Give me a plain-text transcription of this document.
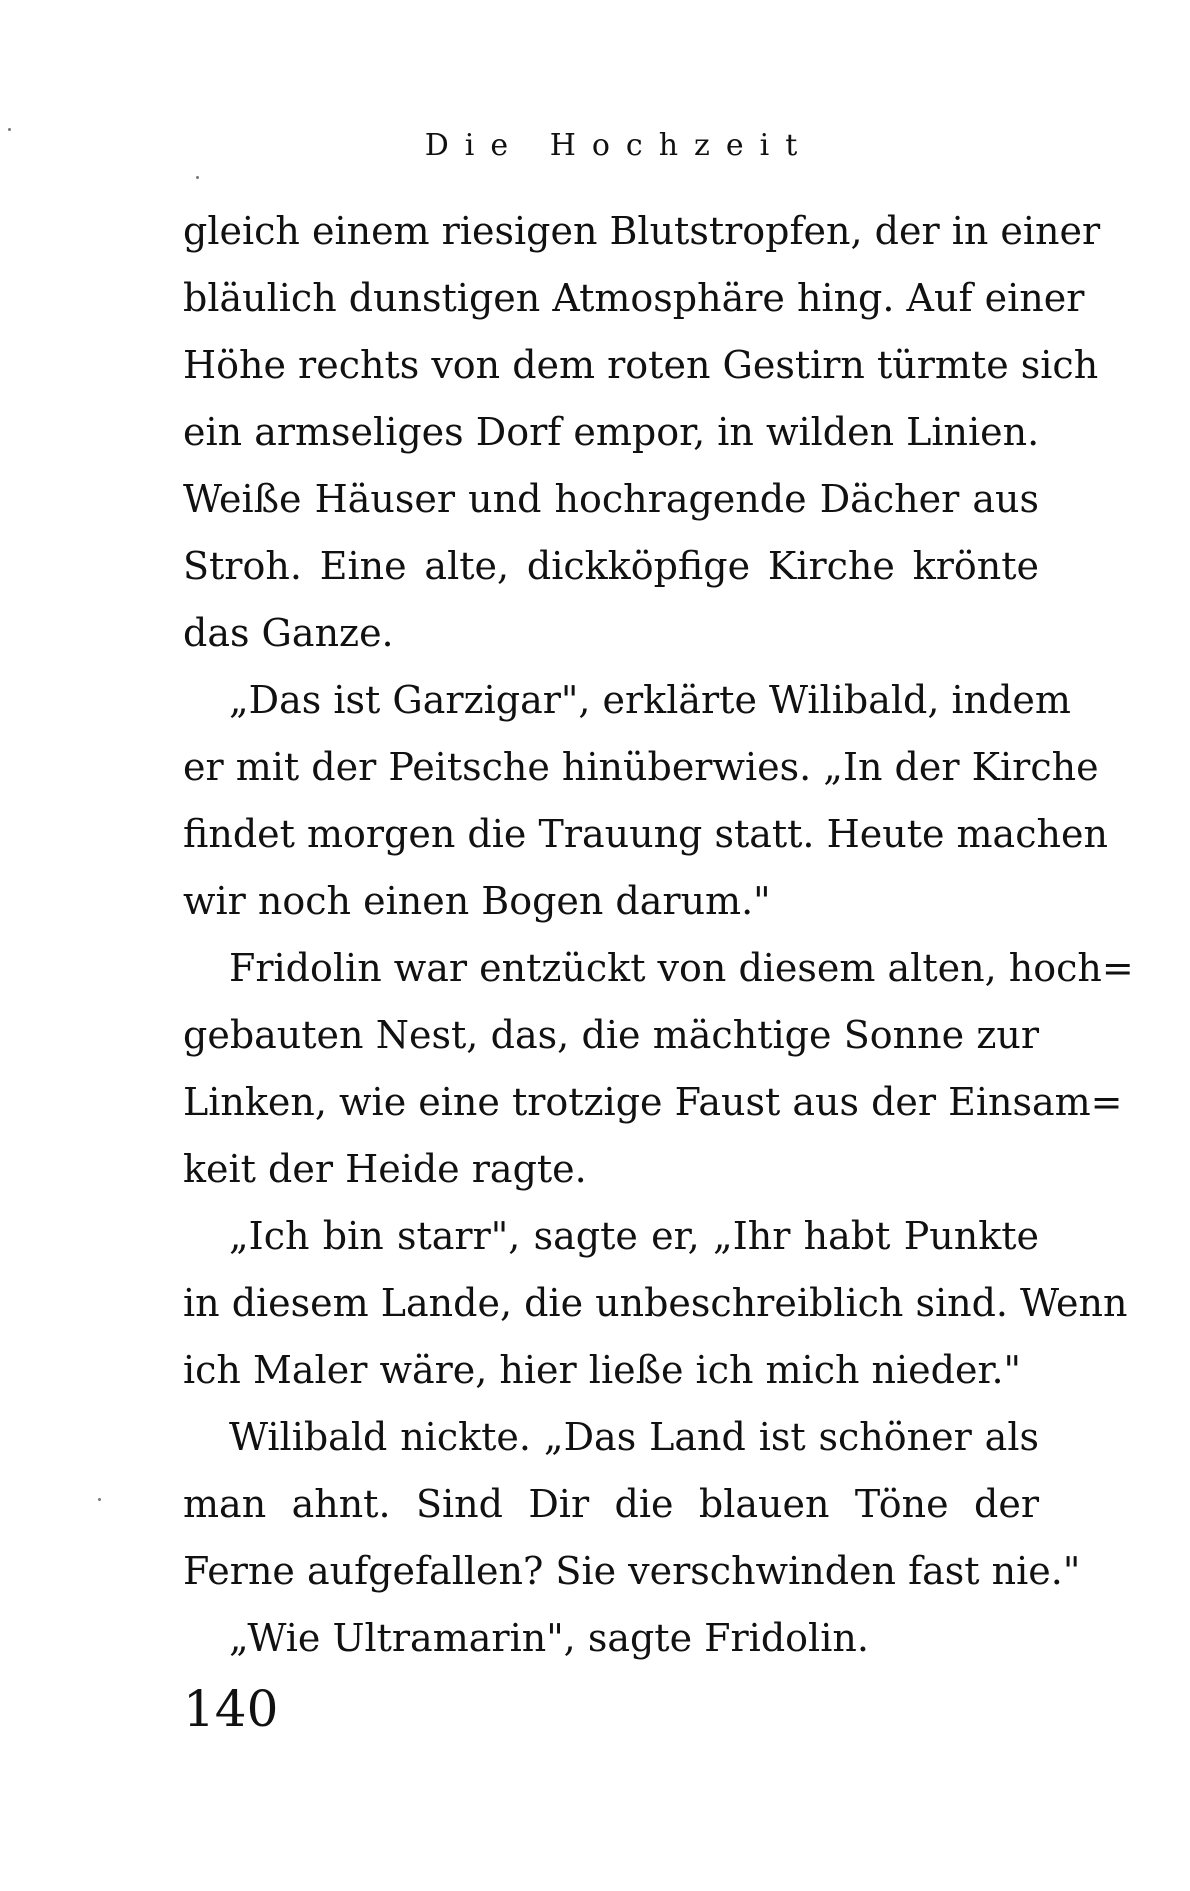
Die Hochzeit
gleich einem riesigen Blutstropfen, der in einer
bläulich dunstigen Atmosphäre hing. Auf einer
Höhe rechts von dem roten Gestirn türmte sich
ein armseliges Dorf empor, in wilden Linien.
Weiße Häuser und hochragende Dächer aus
Stroh. Eine alte, dickköpfige Kirche krönte
das Ganze.
„Das ist Garzigar", erklärte Wilibald, indem
er mit der Peitsche hinüberwies. „In der Kirche
findet morgen die Trauung statt. Heute machen
wir noch einen Bogen darum."
Fridolin war entzückt von diesem alten, hoch=
gebauten Nest, das, die mächtige Sonne zur
Linken, wie eine trotzige Faust aus der Einsam=
keit der Heide ragte.
„Ich bin starr", sagte er, „Ihr habt Punkte
in diesem Lande, die unbeschreiblich sind. Wenn
ich Maler wäre, hier ließe ich mich nieder."
Wilibald nickte. „Das Land ist schöner als
man ahnt. Sind Dir die blauen Töne der
Ferne aufgefallen? Sie verschwinden fast nie."
„Wie Ultramarin", sagte Fridolin.
140
